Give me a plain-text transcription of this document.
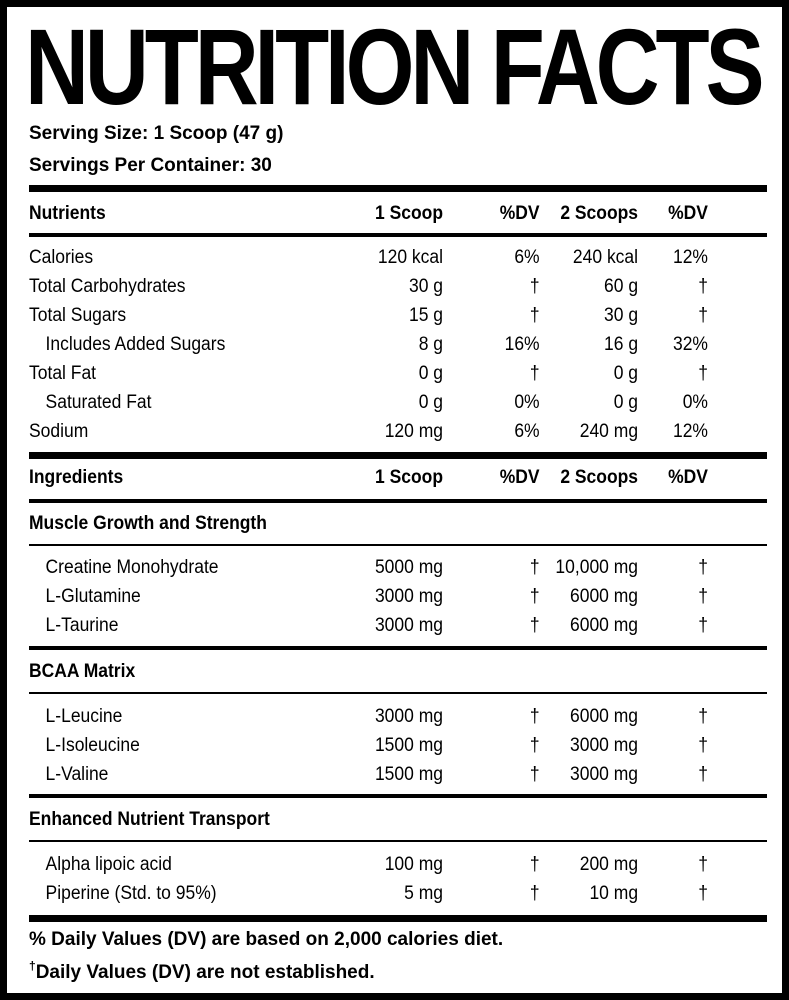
NUTRITION FACTS
Serving Size: 1 Scoop (47 g)
Servings Per Container: 30
Nutrients	1 Scoop	%DV 2 Scoops %DV
Calories	120 kcal	6% 240 kcal 12%
Total Carbohydrates	30 g	†	60 g	†
Total Sugars	15 g	†	30 g	†
Includes Added Sugars	8 g	16%	16 g 32%
Total Fat	0 g	†	0 g	†
Saturated Fat	0 g	0%	0 g 0%
Sodium	120 mg	6% 240 mg 12%
Ingredients	1 Scoop	%DV 2 Scoops %DV
Muscle Growth and Strength
Creatine Monohydrate	5000 mg	† 10,000 mg	†
L-Glutamine	3000 mg	† 6000 mg	†
L-Taurine	3000 mg	† 6000 mg	†
BCAA Matrix
L-Leucine	3000 mg	† 6000 mg	†
L-Isoleucine	1500 mg	† 3000 mg	†
L-Valine	1500 mg	† 3000 mg	†
Enhanced Nutrient Transport
Alpha lipoic acid	100 mg	† 200 mg	†
Piperine (Std. to 95%)	5 mg	†	10 mg	†
% Daily Values (DV) are based on 2,000 calories diet.
†Daily Values (DV) are not established.
